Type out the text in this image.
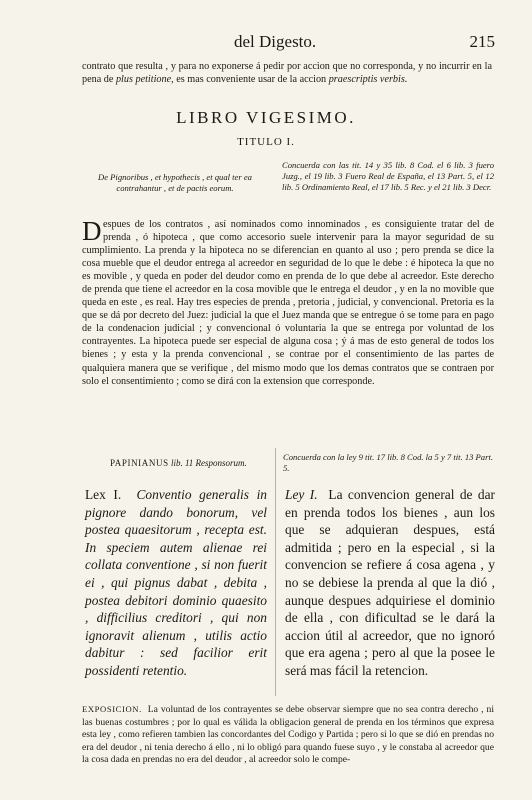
del Digesto.	215
contrato que resulta , y para no exponerse á pedir por accion que no corresponda, y no incurrir en la pena de plus petitione, es mas conveniente usar de la accion praescriptis verbis.
LIBRO VIGESIMO.
TITULO I.
De Pignoribus , et hypothecis , et qual ter ea contrahantur , et de pactis eorum.
Concuerda con las tit. 14 y 35 lib. 8 Cod. el 6 lib. 3 fuero Juzg., el 19 lib. 3 Fuero Real de España, el 13 Part. 5, el 12 lib. 5 Ordinamiento Real, el 17 lib. 5 Rec. y el 21 lib. 3 Decr.
Despues de los contratos , así nominados como innominados , es consiguiente tratar del de prenda , ó hipoteca , que como accesorio suele intervenir para la mayor seguridad de su cumplimiento. La prenda y la hipoteca no se diferencian en quanto al uso ; pero prenda se dice la cosa mueble que el deudor entrega al acreedor en seguridad de lo que le debe : é hipoteca la que no es movible , y queda en poder del deudor como en prenda de lo que debe al acreedor. Este derecho de prenda que tiene el acreedor en la cosa movible que le entrega el deudor , y en la no movible que queda en este , es real. Hay tres especies de prenda , pretoria , judicial, y convencional. Pretoria es la que se dá por decreto del Juez: judicial la que el Juez manda que se entregue ó se tome para en pago de la condenacion judicial ; y convencional ó voluntaria la que se entrega por voluntad de los contrayentes. La hipoteca puede ser especial de alguna cosa ; ý á mas de esto general de todos los bienes ; y esta y la prenda convencional , se contrae por el consentimiento de las partes de qualquiera manera que se verifique , del mismo modo que los demas contratos que se contraen por solo el consentimiento ; como se dirá con la extension que corresponde.
PAPINIANUS lib. 11 Responsorum.
Concuerda con la ley 9 tit. 17 lib. 8 Cod. la 5 y 7 tit. 13 Part. 5.
Lex I. Conventio generalis in pignore dando bonorum, vel postea quaesitorum , recepta est. In speciem autem alienae rei collata conventione , si non fuerit ei , qui pignus dabat , debita , postea debitori dominio quaesito , difficilius creditori , qui non ignoravit alienum , utilis actio dabitur : sed facilior erit possidenti retentio.
Ley I. La convencion general de dar en prenda todos los bienes , aun los que se adquieran despues, está admitida ; pero en la especial , si la convencion se refiere á cosa agena , y no se debiese la prenda al que la dió , aunque despues adquiriese el dominio de ella , con dificultad se le dará la accion útil al acreedor, que no ignoró que era agena ; pero al que la posee le será mas fácil la retencion.
EXPOSICION. La voluntad de los contrayentes se debe observar siempre que no sea contra derecho , ni las buenas costumbres ; por lo qual es válida la obligacion general de prenda en los términos que expresa esta ley , como refieren tambien las concordantes del Codigo y Partida ; pero si lo que se dió en prendas no era del deudor , ni tenia derecho á ello , ni lo obligó para quando fuese suyo , y le constaba al acreedor que la cosa dada en prendas no era del deudor , al acreedor solo le compe-
